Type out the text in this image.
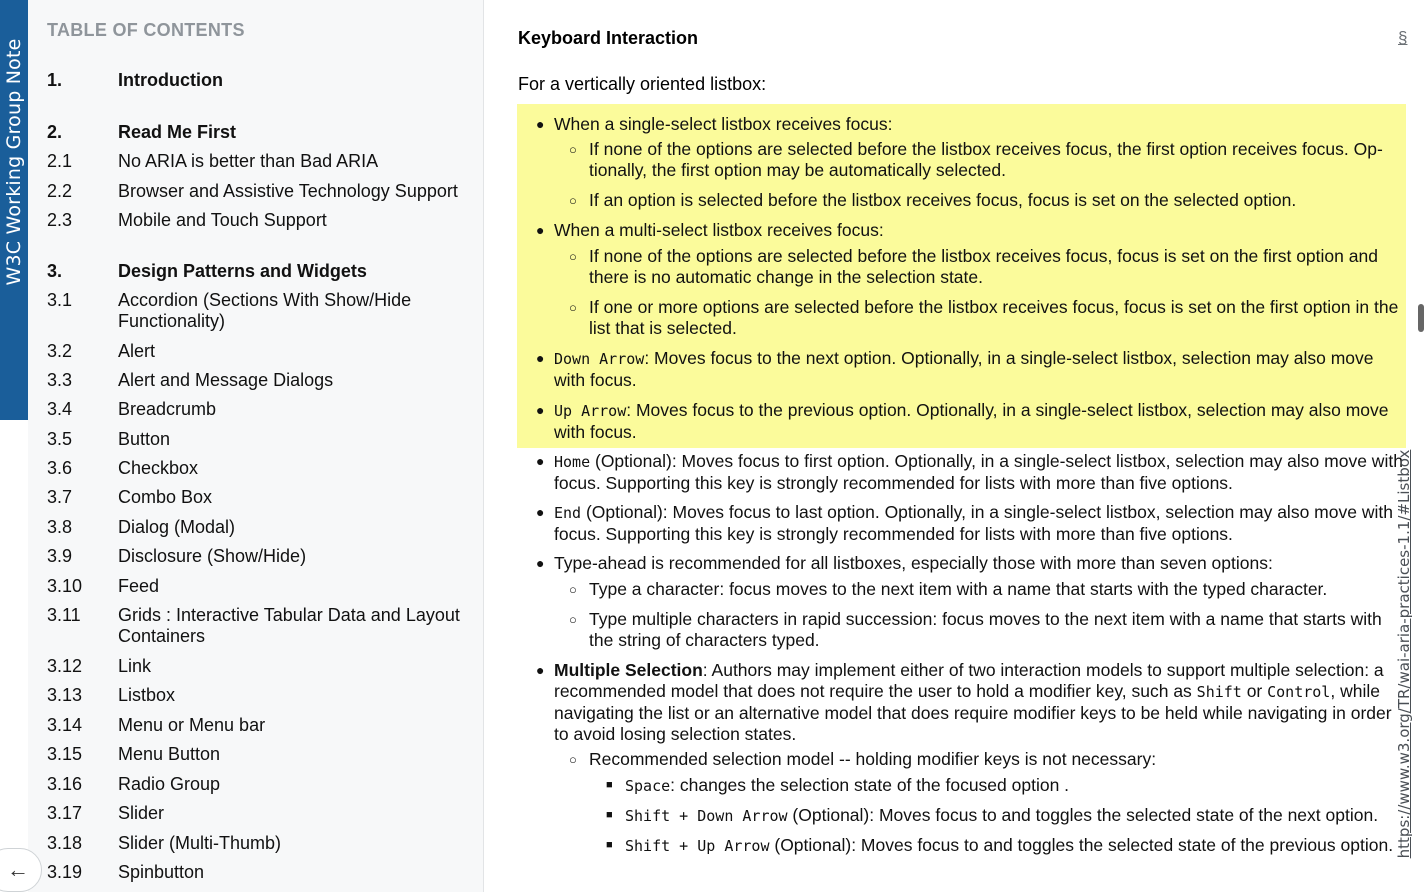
W3C Working Group Note
TABLE OF CONTENTS
1.	Introduction
2.	Read Me First
2.1	No ARIA is better than Bad ARIA
2.2	Browser and Assistive Technology Support
2.3	Mobile and Touch Support
3.	Design Patterns and Widgets
3.1	Accordion (Sections With Show/Hide Functionality)
3.2	Alert
3.3	Alert and Message Dialogs
3.4	Breadcrumb
3.5	Button
3.6	Checkbox
3.7	Combo Box
3.8	Dialog (Modal)
3.9	Disclosure (Show/Hide)
3.10 Feed
3.11 Grids : Interactive Tabular Data and Layout Containers
3.12 Link
3.13 Listbox
3.14 Menu or Menu bar
3.15 Menu Button
3.16 Radio Group
3.17 Slider
3.18 Slider (Multi-Thumb)
3.19 Spinbutton
←
Keyboard Interaction	§
For a vertically oriented listbox:
● When a single-select listbox receives focus:
○ If none of the options are selected before the listbox receives focus, the first option receives focus. Optionally, the first option may be automatically selected.
○ If an option is selected before the listbox receives focus, focus is set on the selected option.
● When a multi-select listbox receives focus:
○ If none of the options are selected before the listbox receives focus, focus is set on the first option and there is no automatic change in the selection state.
○ If one or more options are selected before the listbox receives focus, focus is set on the first option in the list that is selected.
● Down Arrow: Moves focus to the next option. Optionally, in a single-select listbox, selection may also move with focus.
● Up Arrow: Moves focus to the previous option. Optionally, in a single-select listbox, selection may also move with focus.
● Home (Optional): Moves focus to first option. Optionally, in a single-select listbox, selection may also move with focus. Supporting this key is strongly recommended for lists with more than five options.
● End (Optional): Moves focus to last option. Optionally, in a single-select listbox, selection may also move with focus. Supporting this key is strongly recommended for lists with more than five options.
● Type-ahead is recommended for all listboxes, especially those with more than seven options:
○ Type a character: focus moves to the next item with a name that starts with the typed character.
○ Type multiple characters in rapid succession: focus moves to the next item with a name that starts with the string of characters typed.
● Multiple Selection: Authors may implement either of two interaction models to support multiple selection: a recommended model that does not require the user to hold a modifier key, such as Shift or Control, while navigating the list or an alternative model that does require modifier keys to be held while navigating in order to avoid losing selection states.
○ Recommended selection model -- holding modifier keys is not necessary:
■ Space: changes the selection state of the focused option .
■ Shift + Down Arrow (Optional): Moves focus to and toggles the selected state of the next option.
■ Shift + Up Arrow (Optional): Moves focus to and toggles the selected state of the previous option. https://www.w3.org/TR/wai-aria-practices-1.1/#Listbox
